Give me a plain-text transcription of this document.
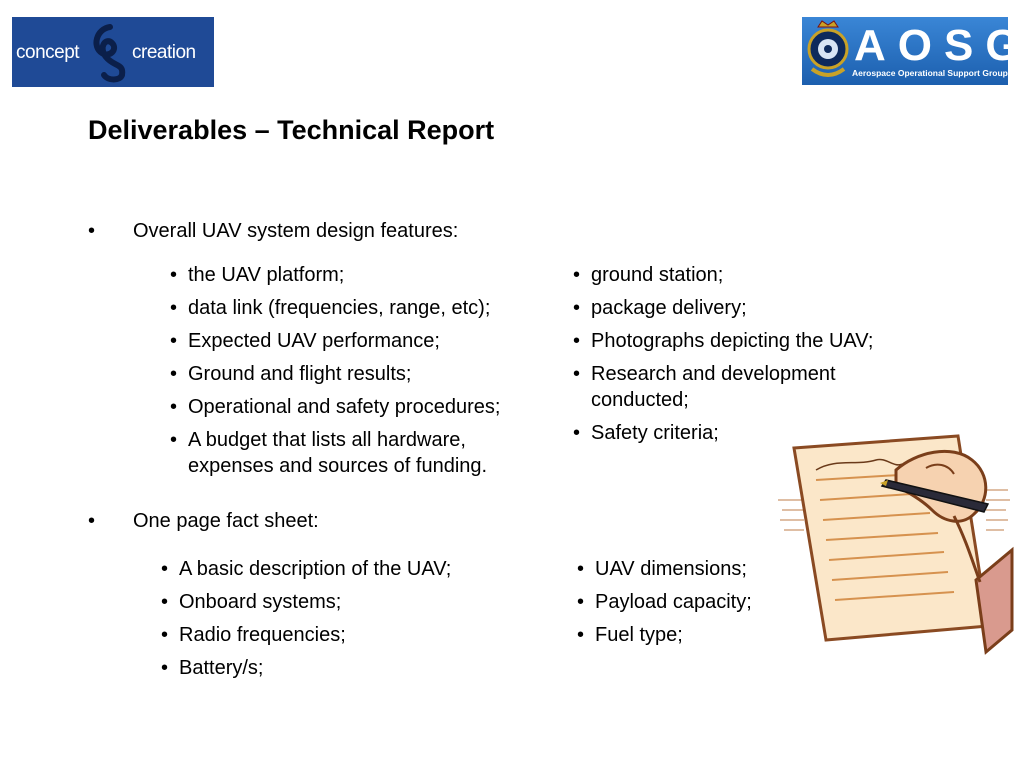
concept	creation	AOSG
Aerospace Operational Support Group
Deliverables – Technical Report
• Overall UAV system design features:
• the UAV platform;
• data link (frequencies, range, etc);
• Expected UAV performance;
• Ground and flight results;
• Operational and safety procedures;
• A budget that lists all hardware, expenses and sources of funding.
• ground station;
• package delivery;
• Photographs depicting the UAV;
• Research and development conducted;
• Safety criteria;
• One page fact sheet:
• A basic description of the UAV;
• Onboard systems;
• Radio frequencies;
• Battery/s;
• UAV dimensions;
• Payload capacity;
• Fuel type;
